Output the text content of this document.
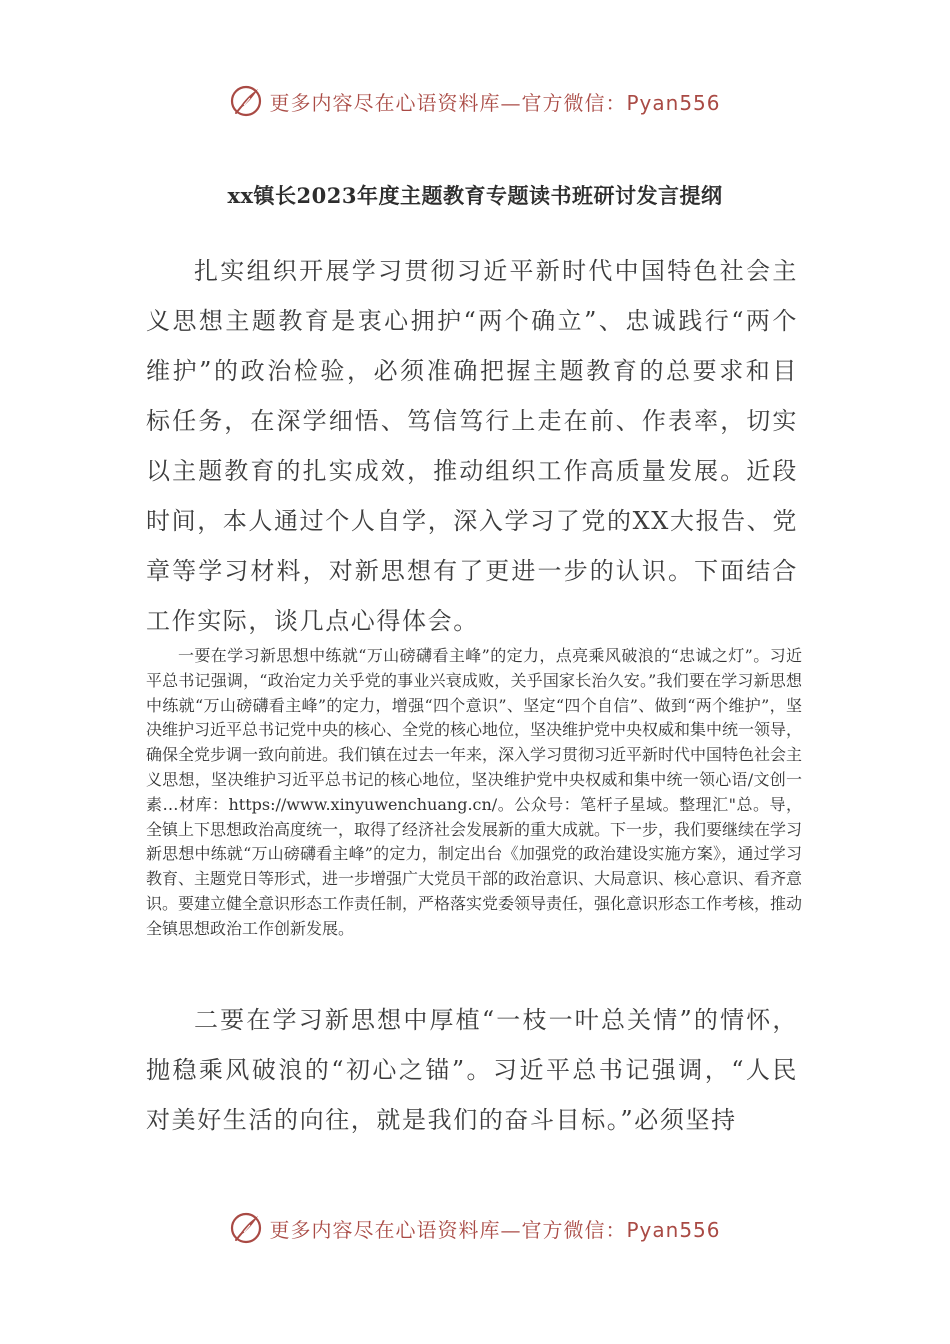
更多内容尽在心语资料库—官方微信：Pyan556
xx镇长2023年度主题教育专题读书班研讨发言提纲

扎实组织开展学习贯彻习近平新时代中国特色社会主义思想主题教育是衷心拥护“两个确立”、忠诚践行“两个维护”的政治检验，必须准确把握主题教育的总要求和目标任务，在深学细悟、笃信笃行上走在前、作表率，切实以主题教育的扎实成效，推动组织工作高质量发展。近段时间，本人通过个人自学，深入学习了党的XX大报告、党章等学习材料，对新思想有了更进一步的认识。下面结合工作实际，谈几点心得体会。

一要在学习新思想中练就“万山磅礴看主峰”的定力，点亮乘风破浪的“忠诚之灯”。习近平总书记强调，“政治定力关乎党的事业兴衰成败，关乎国家长治久安。”我们要在学习新思想中练就“万山磅礴看主峰”的定力，增强“四个意识”、坚定“四个自信”、做到“两个维护”，坚决维护习近平总书记党中央的核心、全党的核心地位，坚决维护党中央权威和集中统一领导，确保全党步调一致向前进。我们镇在过去一年来，深入学习贯彻习近平新时代中国特色社会主义思想，坚决维护习近平总书记的核心地位，坚决维护党中央权威和集中统一领心语/文创一素…材库：https://www.xinyuwenchuang.cn/。公众号：笔杆子星域。整理汇"总。导，全镇上下思想政治高度统一，取得了经济社会发展新的重大成就。下一步，我们要继续在学习新思想中练就“万山磅礴看主峰”的定力，制定出台《加强党的政治建设实施方案》，通过学习教育、主题党日等形式，进一步增强广大党员干部的政治意识、大局意识、核心意识、看齐意识。要建立健全意识形态工作责任制，严格落实党委领导责任，强化意识形态工作考核，推动全镇思想政治工作创新发展。

二要在学习新思想中厚植“一枝一叶总关情”的情怀，抛稳乘风破浪的“初心之锚”。习近平总书记强调，“人民对美好生活的向往，就是我们的奋斗目标。”必须坚持

更多内容尽在心语资料库—官方微信：Pyan556
